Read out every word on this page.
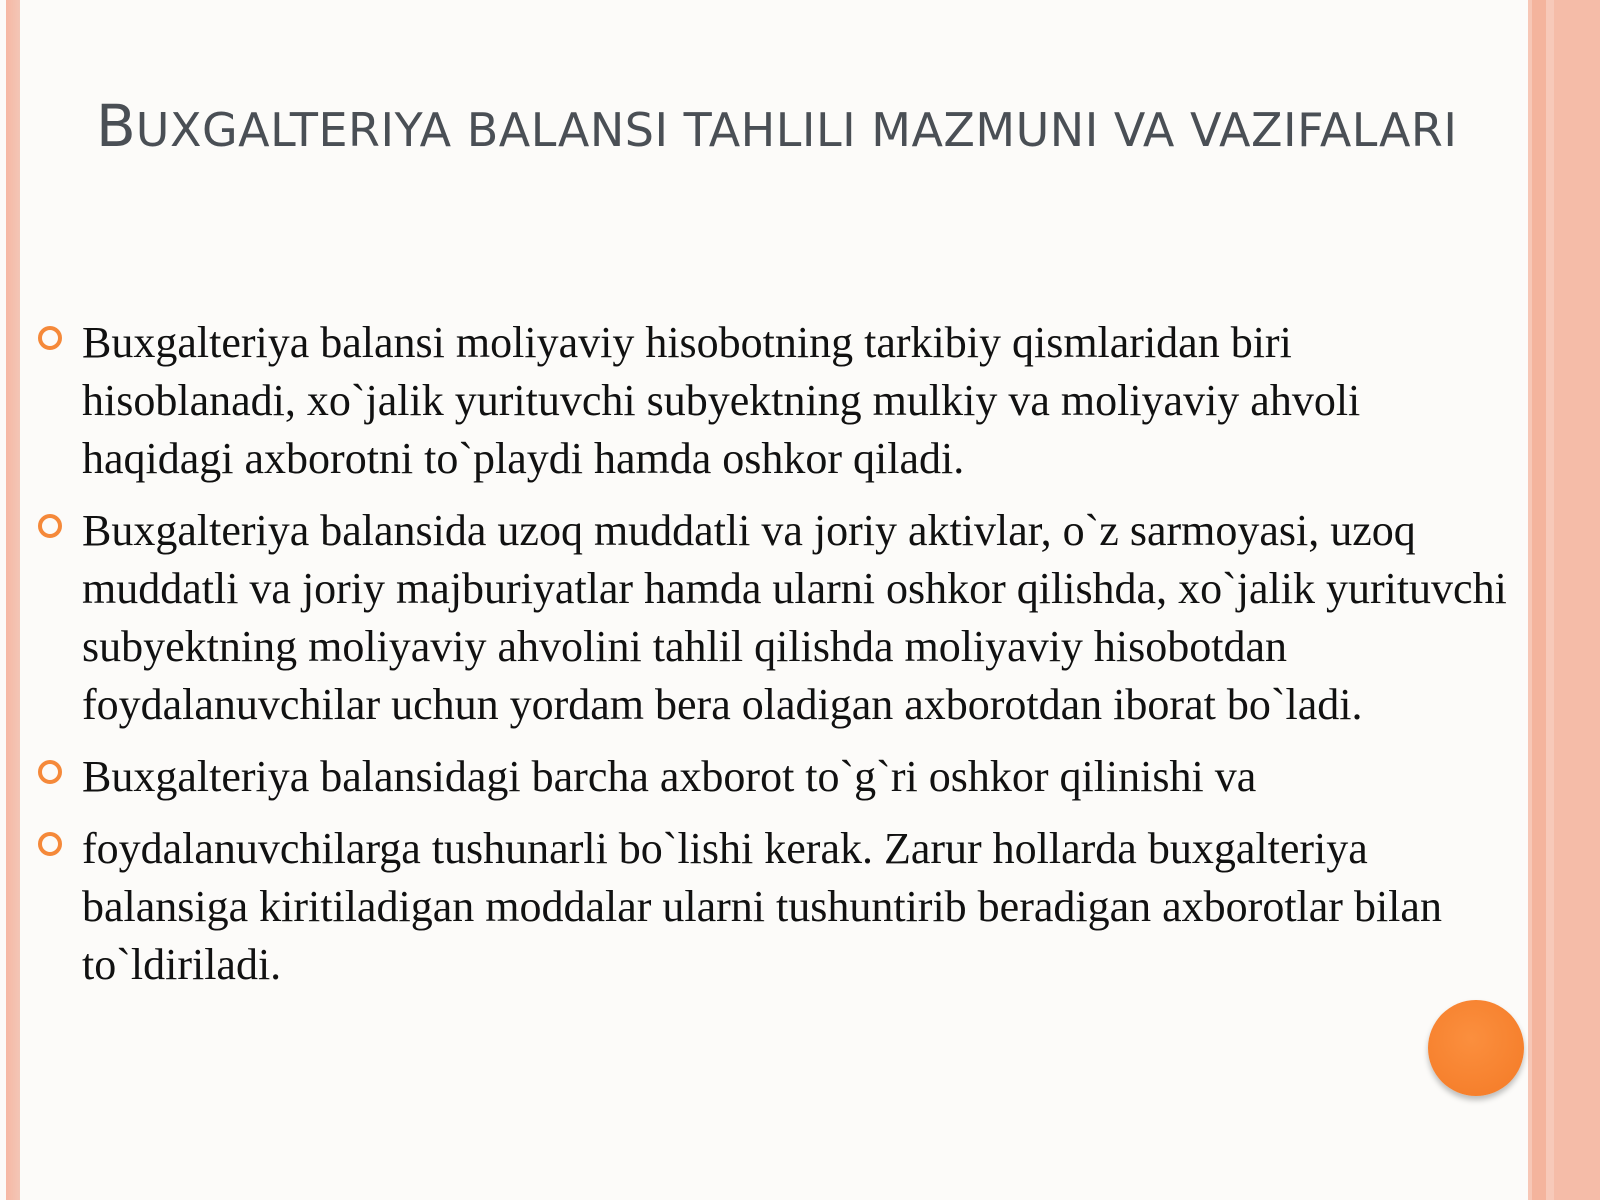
BUXGALTERIYA BALANSI TAHLILI MAZMUNI VA VAZIFALARI
Buxgalteriya balansi moliyaviy hisobotning tarkibiy qismlaridan biri hisoblanadi, xo`jalik yurituvchi subyektning mulkiy va moliyaviy ahvoli haqidagi axborotni to`playdi hamda oshkor qiladi.
Buxgalteriya balansida uzoq muddatli va joriy aktivlar, o`z sarmoyasi, uzoq muddatli va joriy majburiyatlar hamda ularni oshkor qilishda, xo`jalik yurituvchi subyektning moliyaviy ahvolini tahlil qilishda moliyaviy hisobotdan foydalanuvchilar uchun yordam bera oladigan axborotdan iborat bo`ladi.
Buxgalteriya balansidagi barcha axborot to`g`ri oshkor qilinishi va
foydalanuvchilarga tushunarli bo`lishi kerak. Zarur hollarda buxgalteriya balansiga kiritiladigan moddalar ularni tushuntirib beradigan axborotlar bilan to`ldiriladi.
